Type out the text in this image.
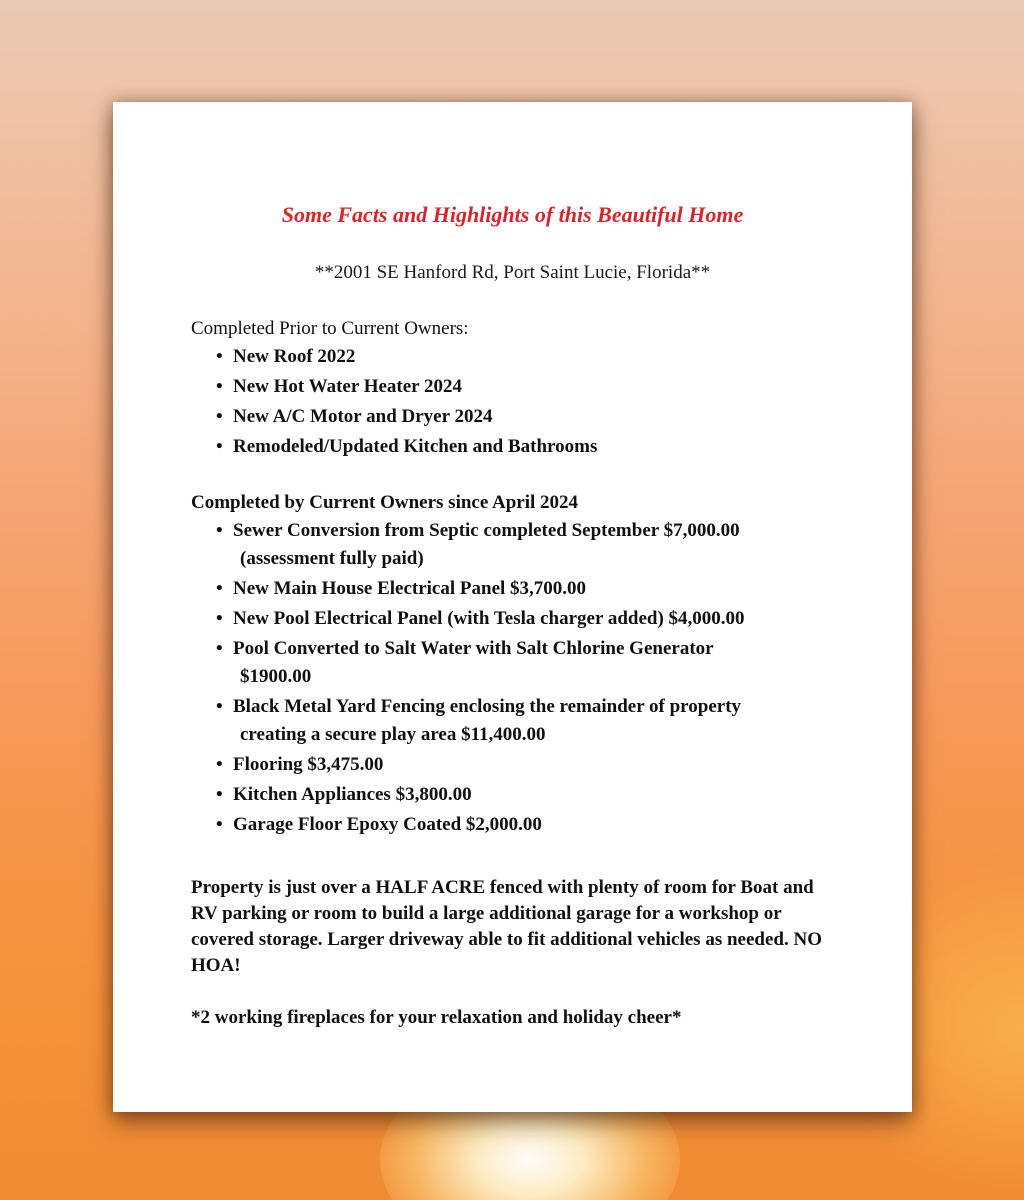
Some Facts and Highlights of this Beautiful Home
**2001 SE Hanford Rd, Port Saint Lucie, Florida**
Completed Prior to Current Owners:
• New Roof 2022
• New Hot Water Heater 2024
• New A/C Motor and Dryer 2024
• Remodeled/Updated Kitchen and Bathrooms
Completed by Current Owners since April 2024
• Sewer Conversion from Septic completed September $7,000.00
(assessment fully paid)
• New Main House Electrical Panel $3,700.00
• New Pool Electrical Panel (with Tesla charger added) $4,000.00
• Pool Converted to Salt Water with Salt Chlorine Generator
$1900.00
• Black Metal Yard Fencing enclosing the remainder of property
creating a secure play area $11,400.00
• Flooring $3,475.00
• Kitchen Appliances $3,800.00
• Garage Floor Epoxy Coated $2,000.00
Property is just over a HALF ACRE fenced with plenty of room for Boat and RV parking or room to build a large additional garage for a workshop or covered storage. Larger driveway able to fit additional vehicles as needed. NO HOA!
*2 working fireplaces for your relaxation and holiday cheer*
